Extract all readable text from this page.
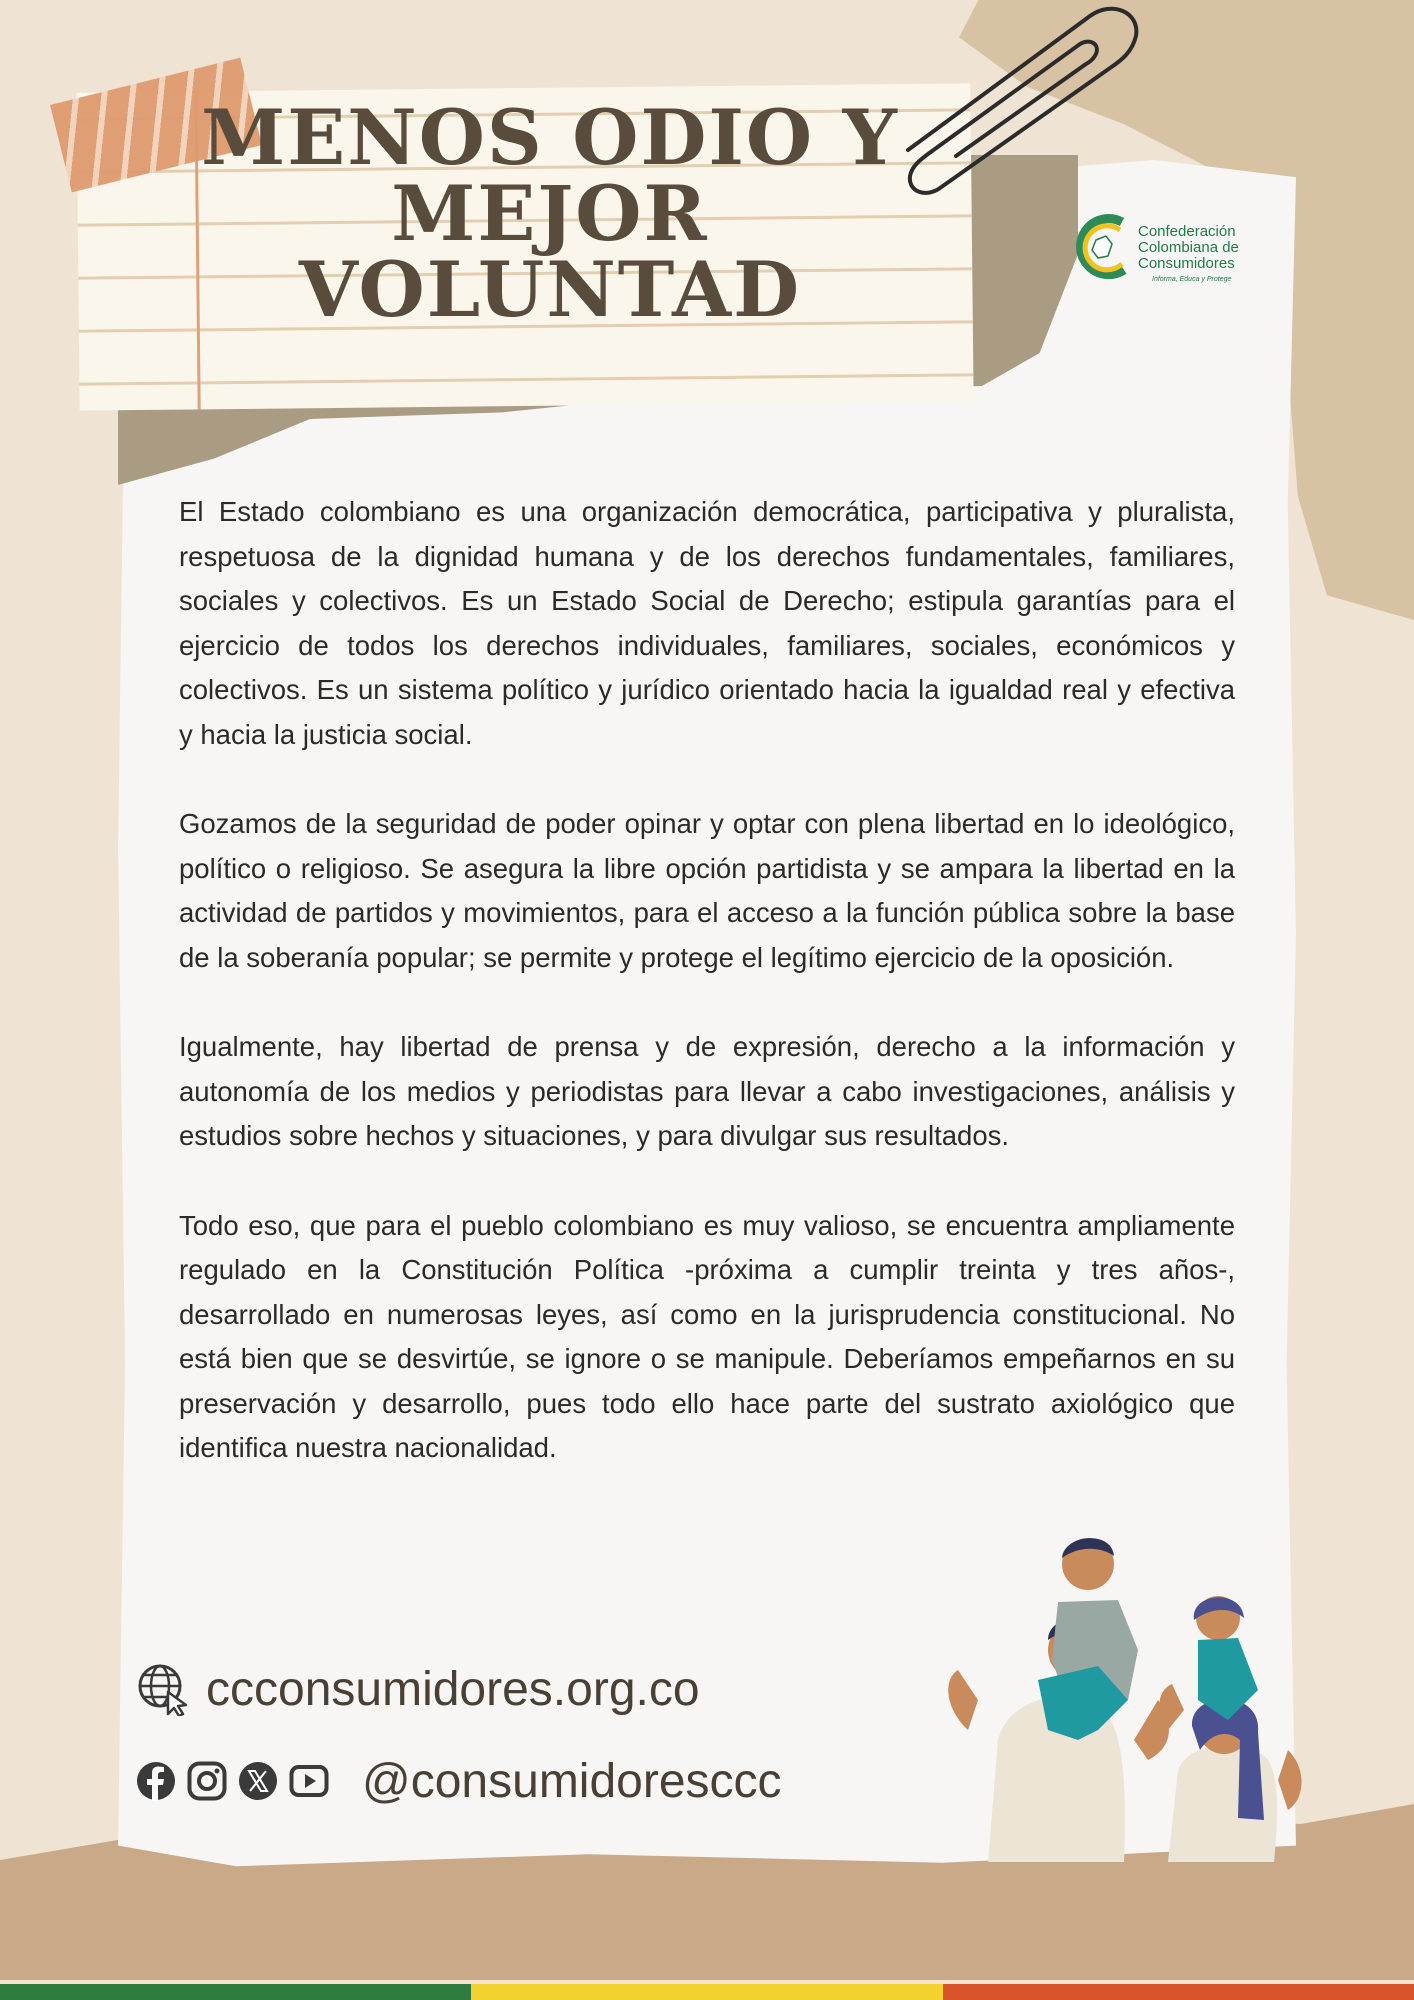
MENOS ODIO Y
MEJOR
VOLUNTAD
Confederación
Colombiana de
Consumidores
Informa, Educa y Protege

El Estado colombiano es una organización democrática, participativa y pluralista, respetuosa de la dignidad humana y de los derechos fundamentales, familiares, sociales y colectivos. Es un Estado Social de Derecho; estipula garantías para el ejercicio de todos los derechos individuales, familiares, sociales, económicos y colectivos. Es un sistema político y jurídico orientado hacia la igualdad real y efectiva y hacia la justicia social.

Gozamos de la seguridad de poder opinar y optar con plena libertad en lo ideológico, político o religioso. Se asegura la libre opción partidista y se ampara la libertad en la actividad de partidos y movimientos, para el acceso a la función pública sobre la base de la soberanía popular; se permite y protege el legítimo ejercicio de la oposición.

Igualmente, hay libertad de prensa y de expresión, derecho a la información y autonomía de los medios y periodistas para llevar a cabo investigaciones, análisis y estudios sobre hechos y situaciones, y para divulgar sus resultados.

Todo eso, que para el pueblo colombiano es muy valioso, se encuentra ampliamente regulado en la Constitución Política -próxima a cumplir treinta y tres años-, desarrollado en numerosas leyes, así como en la jurisprudencia constitucional. No está bien que se desvirtúe, se ignore o se manipule. Deberíamos empeñarnos en su preservación y desarrollo, pues todo ello hace parte del sustrato axiológico que identifica nuestra nacionalidad.

ccconsumidores.org.co
@consumidoresccc
